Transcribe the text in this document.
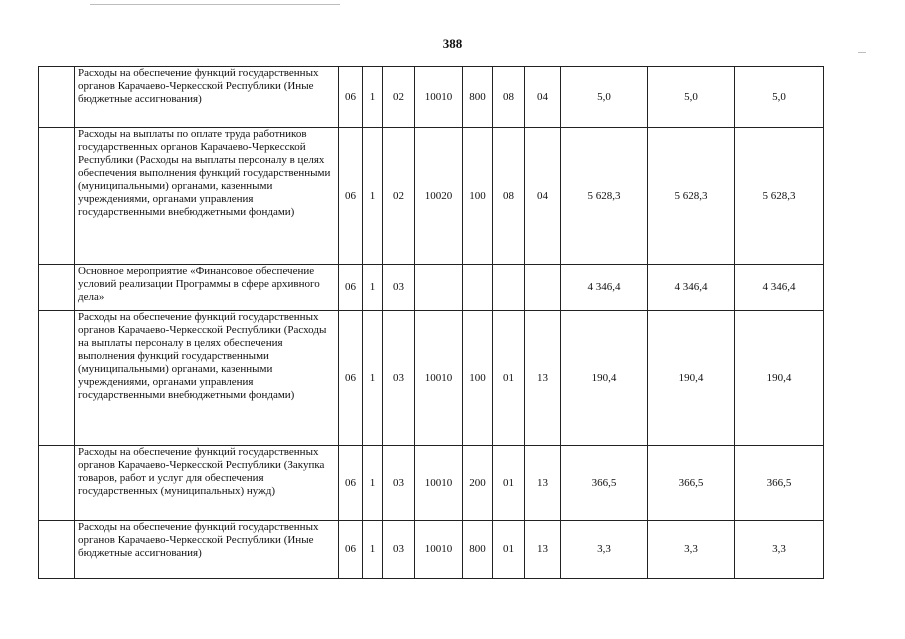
388
	Расходы на обеспечение функций государственных органов Карачаево-Черкесской Республики (Иные бюджетные ассигнования)	06	1	02	10010	800	08	04	5,0	5,0	5,0
	Расходы на выплаты по оплате труда работников государственных органов Карачаево-Черкесской Республики (Расходы на выплаты персоналу в целях обеспечения выполнения функций государственными (муниципальными) органами, казенными учреждениями, органами управления государственными внебюджетными фондами)	06	1	02	10020	100	08	04	5 628,3	5 628,3	5 628,3
	Основное мероприятие «Финансовое обеспечение условий реализации Программы в сфере архивного дела»	06	1	03					4 346,4	4 346,4	4 346,4
	Расходы на обеспечение функций государственных органов Карачаево-Черкесской Республики (Расходы на выплаты персоналу в целях обеспечения выполнения функций государственными (муниципальными) органами, казенными учреждениями, органами управления государственными внебюджетными фондами)	06	1	03	10010	100	01	13	190,4	190,4	190,4
	Расходы на обеспечение функций государственных органов Карачаево-Черкесской Республики (Закупка товаров, работ и услуг для обеспечения государственных (муниципальных) нужд)	06	1	03	10010	200	01	13	366,5	366,5	366,5
	Расходы на обеспечение функций государственных органов Карачаево-Черкесской Республики (Иные бюджетные ассигнования)	06	1	03	10010	800	01	13	3,3	3,3	3,3
